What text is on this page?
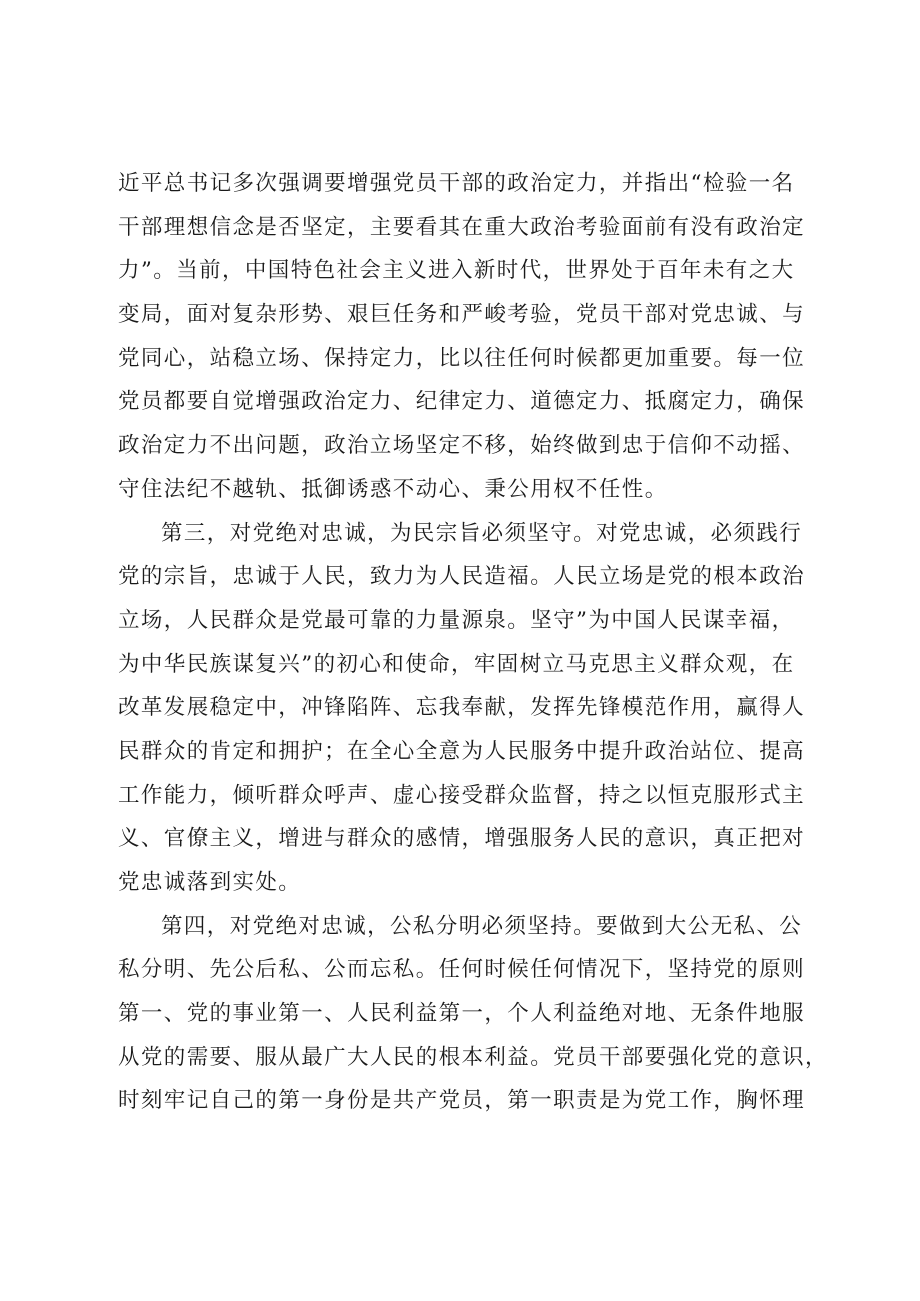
近平总书记多次强调要增强党员干部的政治定力，并指出“检验一名
干部理想信念是否坚定，主要看其在重大政治考验面前有没有政治定
力”。当前，中国特色社会主义进入新时代，世界处于百年未有之大
变局，面对复杂形势、艰巨任务和严峻考验，党员干部对党忠诚、与
党同心，站稳立场、保持定力，比以往任何时候都更加重要。每一位
党员都要自觉增强政治定力、纪律定力、道德定力、抵腐定力，确保
政治定力不出问题，政治立场坚定不移，始终做到忠于信仰不动摇、
守住法纪不越轨、抵御诱惑不动心、秉公用权不任性。
第三，对党绝对忠诚，为民宗旨必须坚守。对党忠诚，必须践行
党的宗旨，忠诚于人民，致力为人民造福。人民立场是党的根本政治
立场，人民群众是党最可靠的力量源泉。坚守”为中国人民谋幸福，
为中华民族谋复兴”的初心和使命，牢固树立马克思主义群众观，在
改革发展稳定中，冲锋陷阵、忘我奉献，发挥先锋模范作用，赢得人
民群众的肯定和拥护；在全心全意为人民服务中提升政治站位、提高
工作能力，倾听群众呼声、虚心接受群众监督，持之以恒克服形式主
义、官僚主义，增进与群众的感情，增强服务人民的意识，真正把对
党忠诚落到实处。
第四，对党绝对忠诚，公私分明必须坚持。要做到大公无私、公
私分明、先公后私、公而忘私。任何时候任何情况下，坚持党的原则
第一、党的事业第一、人民利益第一，个人利益绝对地、无条件地服
从党的需要、服从最广大人民的根本利益。党员干部要强化党的意识，
时刻牢记自己的第一身份是共产党员，第一职责是为党工作，胸怀理
